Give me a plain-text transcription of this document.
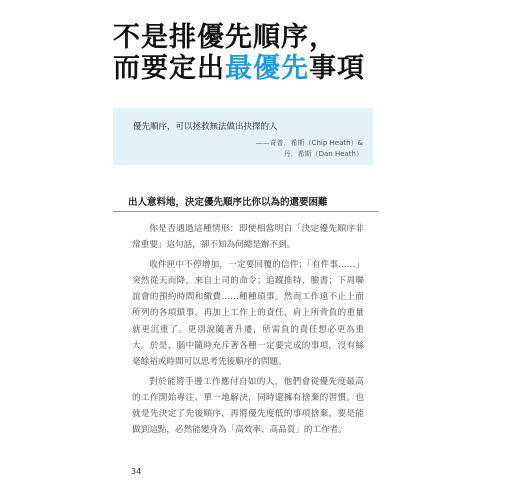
不是排優先順序，
而要定出最優先事項
優先順序，可以拯救無法做出抉擇的人
——奇普．希斯（Chip Heath）&
丹．希斯（Dan Heath）
出人意料地，決定優先順序比你以為的還要困難

你是否遇過這種情形：即使相當明白「決定優先順序非常重要」這句話，卻不知為何總是辦不到。

收件匣中不停增加，一定要回覆的信件；「有件事……」突然從天而降，來自上司的命令；追蹤推特、臉書；下周聯誼會的預約時間和繳費……種種瑣事。然而工作遠不止上面所列的各項瑣事，再加上工作上的責任，肩上所背負的重量就更沉重了。更別說隨著升遷，所需負的責任想必更為重大。於是，腦中隨時充斥著各種一定要完成的事項，沒有絲毫餘裕或時間可以思考先後順序的問題。

對於能將手邊工作應付自如的人，他們會從優先度最高的工作開始專注、單一地解決，同時還擁有捨棄的習慣。也就是先決定了先後順序，再將優先度低的事項捨棄，要是能做到這點，必然能變身為「高效率、高品質」的工作者。

34
